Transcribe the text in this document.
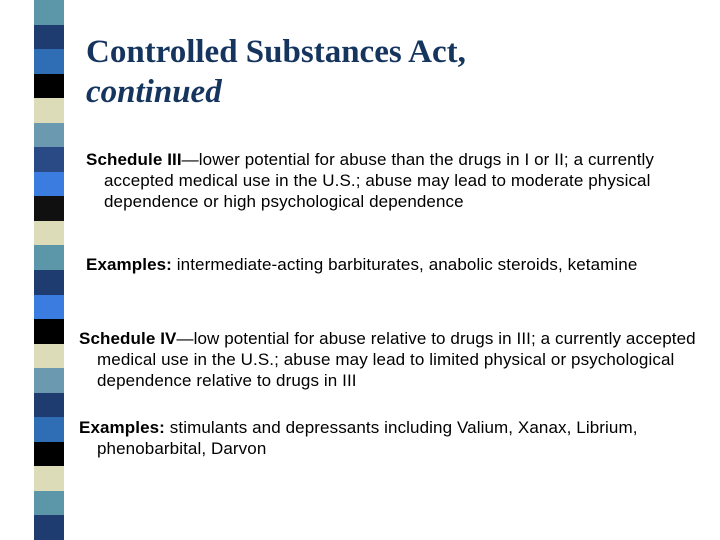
Controlled Substances Act,
continued
Schedule III—lower potential for abuse than the drugs in I or II; a currently accepted medical use in the U.S.; abuse may lead to moderate physical dependence or high psychological dependence
Examples: intermediate-acting barbiturates, anabolic steroids, ketamine
Schedule IV—low potential for abuse relative to drugs in III; a currently accepted medical use in the U.S.; abuse may lead to limited physical or psychological dependence relative to drugs in III
Examples: stimulants and depressants including Valium, Xanax, Librium, phenobarbital, Darvon
